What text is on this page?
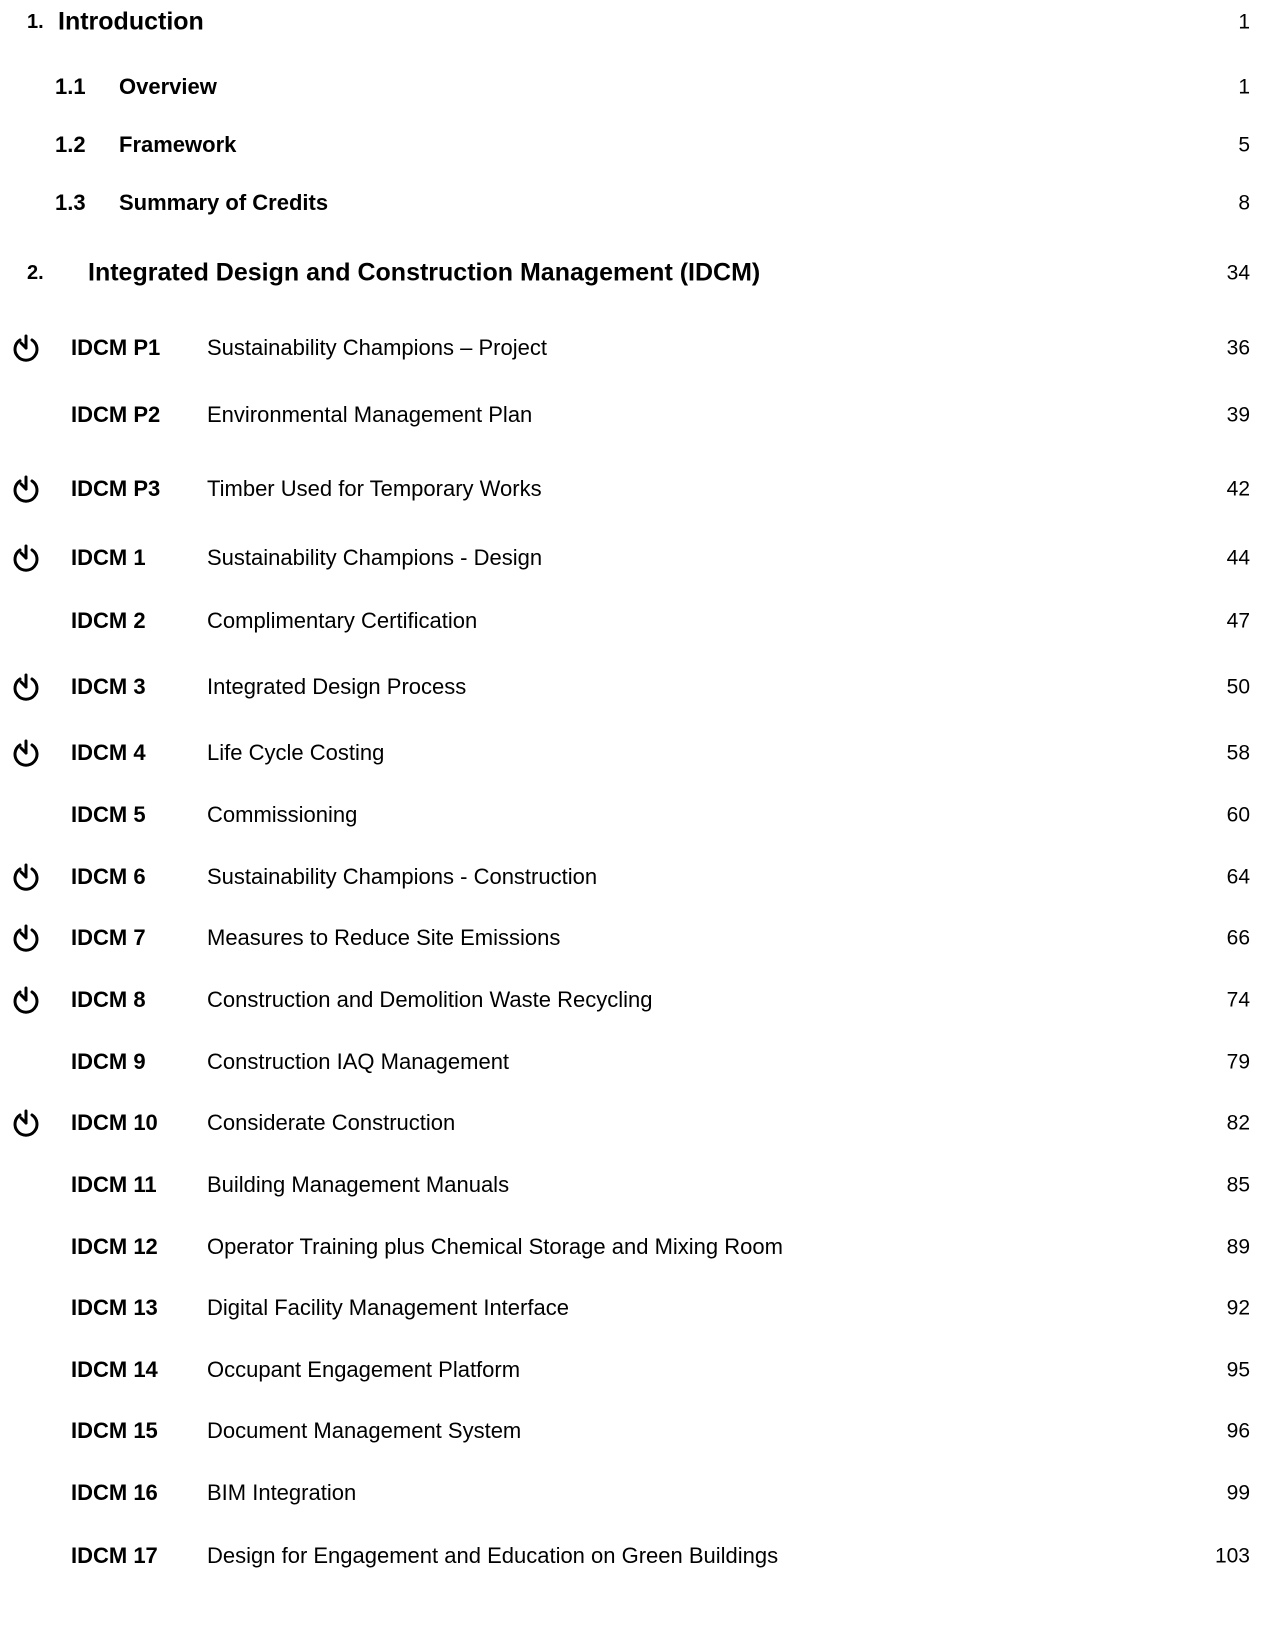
1. Introduction	1
1.1 Overview	1
1.2 Framework	5
1.3 Summary of Credits	8
2. Integrated Design and Construction Management (IDCM)	34
IDCM P1 Sustainability Champions – Project	36
IDCM P2 Environmental Management Plan	39
IDCM P3 Timber Used for Temporary Works	42
IDCM 1	Sustainability Champions - Design	44
IDCM 2	Complimentary Certification	47
IDCM 3	Integrated Design Process	50
IDCM 4	Life Cycle Costing	58
IDCM 5	Commissioning	60
IDCM 6	Sustainability Champions - Construction	64
IDCM 7	Measures to Reduce Site Emissions	66
IDCM 8	Construction and Demolition Waste Recycling	74
IDCM 9	Construction IAQ Management	79
IDCM 10 Considerate Construction	82
IDCM 11 Building Management Manuals	85
IDCM 12 Operator Training plus Chemical Storage and Mixing Room	89
IDCM 13 Digital Facility Management Interface	92
IDCM 14 Occupant Engagement Platform	95
IDCM 15 Document Management System	96
IDCM 16 BIM Integration	99
IDCM 17 Design for Engagement and Education on Green Buildings	103
